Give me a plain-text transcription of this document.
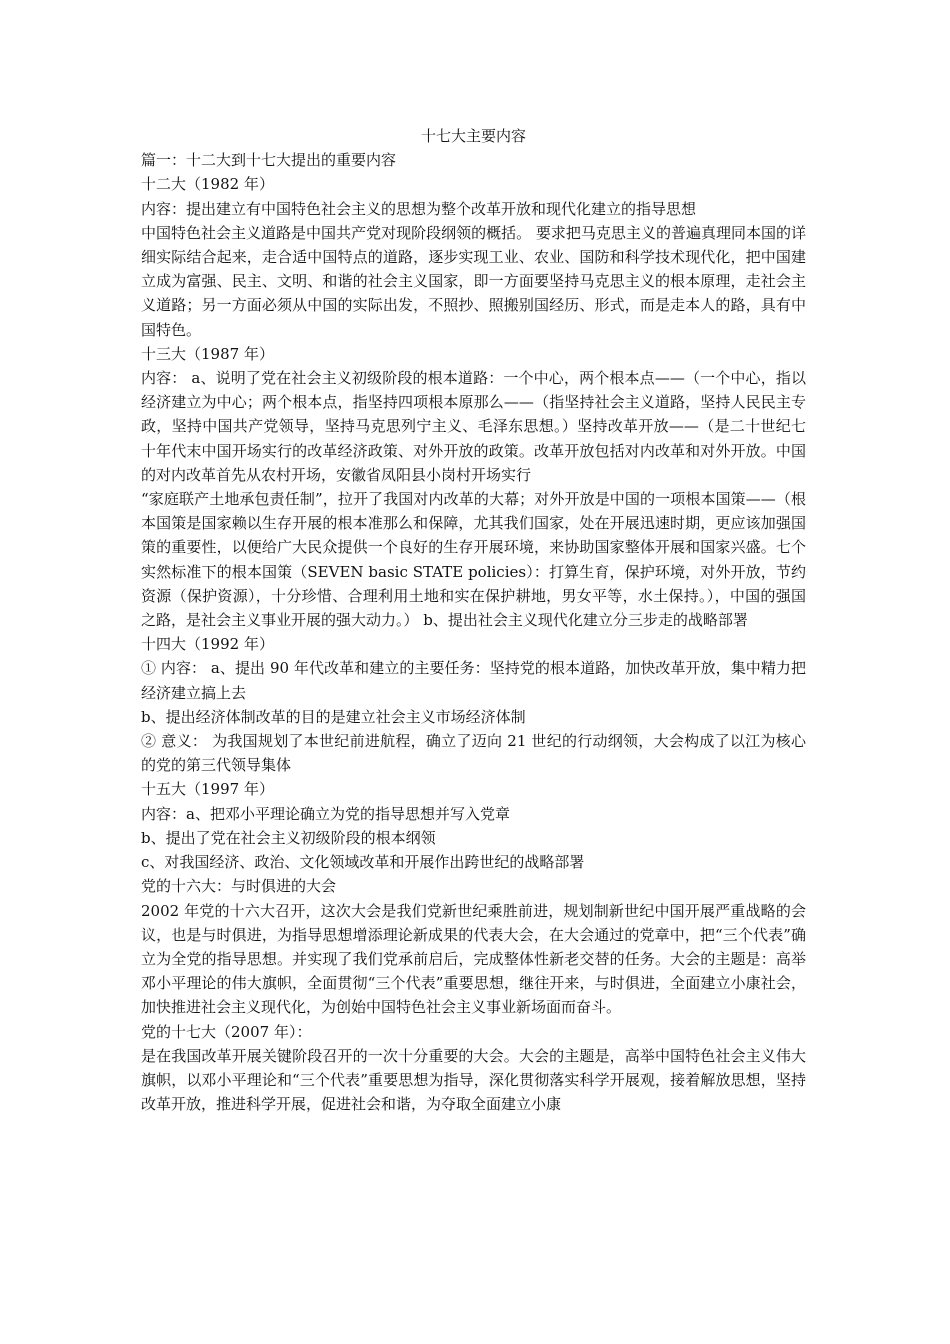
十七大主要内容

篇一：十二大到十七大提出的重要内容

十二大（1982 年）

内容：提出建立有中国特色社会主义的思想为整个改革开放和现代化建立的指导思想

中国特色社会主义道路是中国共产党对现阶段纲领的概括。 要求把马克思主义的普遍真理同本国的详细实际结合起来，走合适中国特点的道路，逐步实现工业、农业、国防和科学技术现代化，把中国建立成为富强、民主、文明、和谐的社会主义国家，即一方面要坚持马克思主义的根本原理，走社会主义道路；另一方面必须从中国的实际出发，不照抄、照搬别国经历、形式，而是走本人的路，具有中国特色。

十三大（1987 年）

内容： a、说明了党在社会主义初级阶段的根本道路：一个中心，两个根本点——（一个中心，指以经济建立为中心；两个根本点，指坚持四项根本原那么——（指坚持社会主义道路，坚持人民民主专政，坚持中国共产党领导，坚持马克思列宁主义、毛泽东思想。）坚持改革开放——（是二十世纪七十年代末中国开场实行的改革经济政策、对外开放的政策。改革开放包括对内改革和对外开放。中国的对内改革首先从农村开场，安徽省凤阳县小岗村开场实行

“家庭联产土地承包责任制”，拉开了我国对内改革的大幕；对外开放是中国的一项根本国策——（根本国策是国家赖以生存开展的根本准那么和保障，尤其我们国家，处在开展迅速时期，更应该加强国策的重要性，以便给广大民众提供一个良好的生存开展环境，来协助国家整体开展和国家兴盛。七个实然标准下的根本国策（SEVEN basic STATE policies）：打算生育，保护环境，对外开放，节约资源（保护资源），十分珍惜、合理利用土地和实在保护耕地，男女平等，水土保持。），中国的强国之路，是社会主义事业开展的强大动力。） b、提出社会主义现代化建立分三步走的战略部署

十四大（1992 年）

① 内容： a、提出 90 年代改革和建立的主要任务：坚持党的根本道路，加快改革开放，集中精力把经济建立搞上去

b、提出经济体制改革的目的是建立社会主义市场经济体制

② 意义： 为我国规划了本世纪前进航程，确立了迈向 21 世纪的行动纲领，大会构成了以江为核心的党的第三代领导集体

十五大（1997 年）

内容：a、把邓小平理论确立为党的指导思想并写入党章

b、提出了党在社会主义初级阶段的根本纲领

c、对我国经济、政治、文化领域改革和开展作出跨世纪的战略部署

党的十六大：与时俱进的大会

2002 年党的十六大召开，这次大会是我们党新世纪乘胜前进，规划制新世纪中国开展严重战略的会议，也是与时俱进，为指导思想增添理论新成果的代表大会，在大会通过的党章中，把“三个代表”确立为全党的指导思想。并实现了我们党承前启后，完成整体性新老交替的任务。大会的主题是：高举邓小平理论的伟大旗帜，全面贯彻“三个代表”重要思想，继往开来，与时俱进，全面建立小康社会，加快推进社会主义现代化，为创始中国特色社会主义事业新场面而奋斗。

党的十七大（2007 年）：

是在我国改革开展关键阶段召开的一次十分重要的大会。大会的主题是，高举中国特色社会主义伟大旗帜，以邓小平理论和“三个代表”重要思想为指导，深化贯彻落实科学开展观，接着解放思想，坚持改革开放，推进科学开展，促进社会和谐，为夺取全面建立小康
